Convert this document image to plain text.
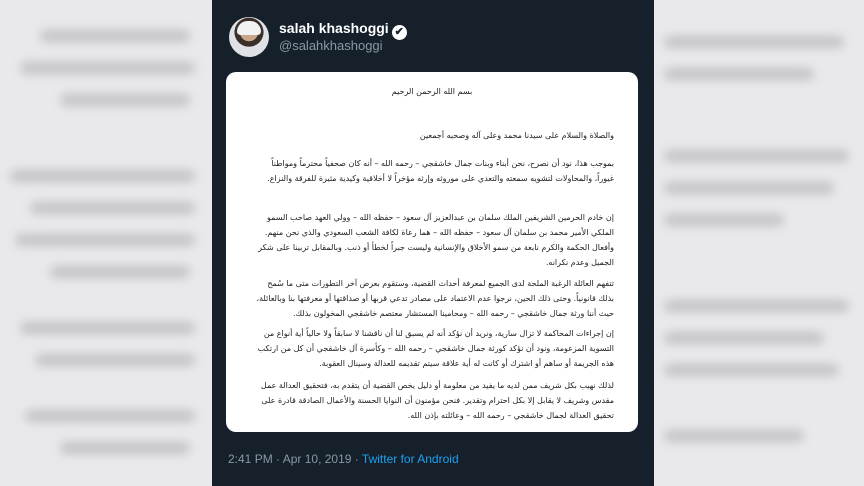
salah khashoggi ✔
@salahkhashoggi
بسم الله الرحمن الرحيم
والصلاة والسلام على سيدنا محمد وعلى آله وصحبه أجمعين
بموجب هذا، نود أن نصرح، نحن أبناء وبنات جمال خاشقجي – رحمه الله – أنه كان صحفياً محترماً ومواطناً غيوراً، والمحاولات لتشويه سمعته والتعدي على موروثه وإرثه مؤخراً لا أخلاقية وكيدية مثيرة للفرقة والنزاع.
إن خادم الحرمين الشريفين الملك سلمان بن عبدالعزيز آل سعود – حفظه الله – وولي العهد صاحب السمو الملكي الأمير محمد بن سلمان آل سعود – حفظه الله – هما رعاة لكافة الشعب السعودي والذي نحن منهم. وأفعال الحكمة والكرم نابعة من سمو الأخلاق والإنسانية وليست جبراً لخطأ أو ذنب. وبالمقابل تربينا على شكر الجميل وعدم نكرانه.
تتفهم العائلة الرغبة الملحة لدى الجميع لمعرفة أحداث القضية، وستقوم بعرض آخر التطورات متى ما سُمح بذلك قانونياً. وحتى ذلك الحين، نرجوا عدم الاعتماد على مصادر تدعي قربها أو صداقتها أو معرفتها بنا وبالعائلة، حيث أننا ورثة جمال خاشقجي – رحمه الله – ومحامينا المستشار معتصم خاشقجي المخولون بذلك.
إن إجراءات المحاكمة لا تزال سارية، ونريد أن نؤكد أنه لم يسبق لنا أن ناقشنا لا سابقاً ولا حالياً أية أنواع من التسوية المزعومة، ونود أن نؤكد كورثة جمال خاشقجي – رحمه الله – وكأسرة آل خاشقجي أن كل من ارتكب هذه الجريمة أو ساهم أو اشترك أو كانت له أية علاقة سيتم تقديمه للعدالة وسينال العقوبة.
لذلك نهيب بكل شريف ممن لديه ما يفيد من معلومة أو دليل يخص القضية أن يتقدم به، فتحقيق العدالة عمل مقدس وشريف لا يقابل إلا بكل احترام وتقدير. فنحن مؤمنون أن النوايا الحسنة والأعمال الصادقة قادرة على تحقيق العدالة لجمال خاشقجي – رحمه الله – وعائلته بإذن الله.
2:41 PM · Apr 10, 2019 · Twitter for Android
